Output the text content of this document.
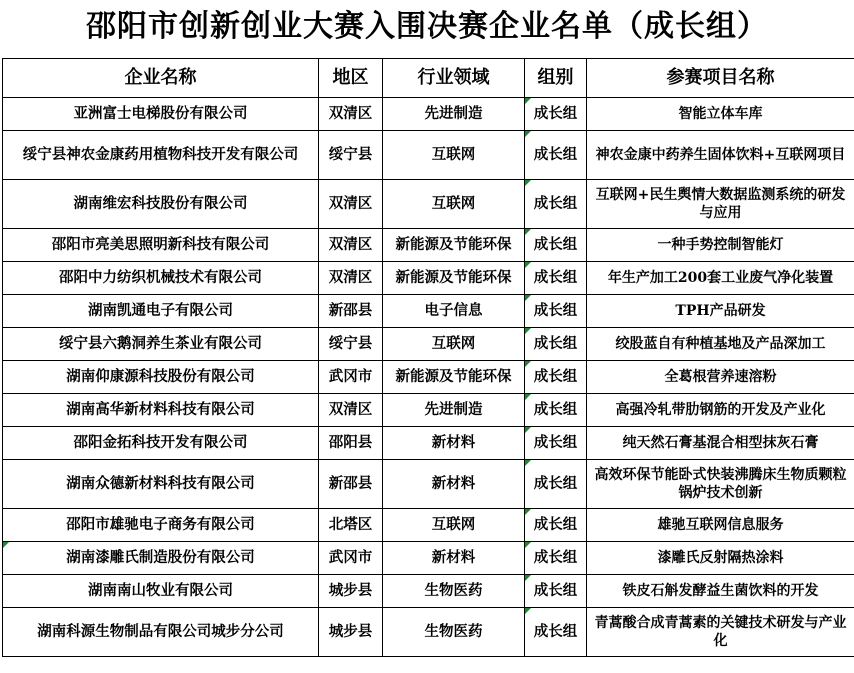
邵阳市创新创业大赛入围决赛企业名单（成长组）
企业名称	地区	行业领域	组别	参赛项目名称
亚洲富士电梯股份有限公司	双清区	先进制造	成长组	智能立体车库
绥宁县神农金康药用植物科技开发有限公司	绥宁县	互联网	成长组	神农金康中药养生固体饮料+互联网项目
湖南维宏科技股份有限公司	双清区	互联网	成长组	互联网+民生舆情大数据监测系统的研发与应用
邵阳市亮美思照明新科技有限公司	双清区	新能源及节能环保	成长组	一种手势控制智能灯
邵阳中力纺织机械技术有限公司	双清区	新能源及节能环保	成长组	年生产加工200套工业废气净化装置
湖南凯通电子有限公司	新邵县	电子信息	成长组	TPH产品研发
绥宁县六鹅洞养生茶业有限公司	绥宁县	互联网	成长组	绞股蓝自有种植基地及产品深加工
湖南仰康源科技股份有限公司	武冈市	新能源及节能环保	成长组	全葛根营养速溶粉
湖南高华新材料科技有限公司	双清区	先进制造	成长组	高强冷轧带肋钢筋的开发及产业化
邵阳金拓科技开发有限公司	邵阳县	新材料	成长组	纯天然石膏基混合相型抹灰石膏
湖南众德新材料科技有限公司	新邵县	新材料	成长组	高效环保节能卧式快装沸腾床生物质颗粒锅炉技术创新
邵阳市雄驰电子商务有限公司	北塔区	互联网	成长组	雄驰互联网信息服务
湖南漆雕氏制造股份有限公司	武冈市	新材料	成长组	漆雕氏反射隔热涂料
湖南南山牧业有限公司	城步县	生物医药	成长组	铁皮石斛发酵益生菌饮料的开发
湖南科源生物制品有限公司城步分公司	城步县	生物医药	成长组	青蒿酸合成青蒿素的关键技术研发与产业化
